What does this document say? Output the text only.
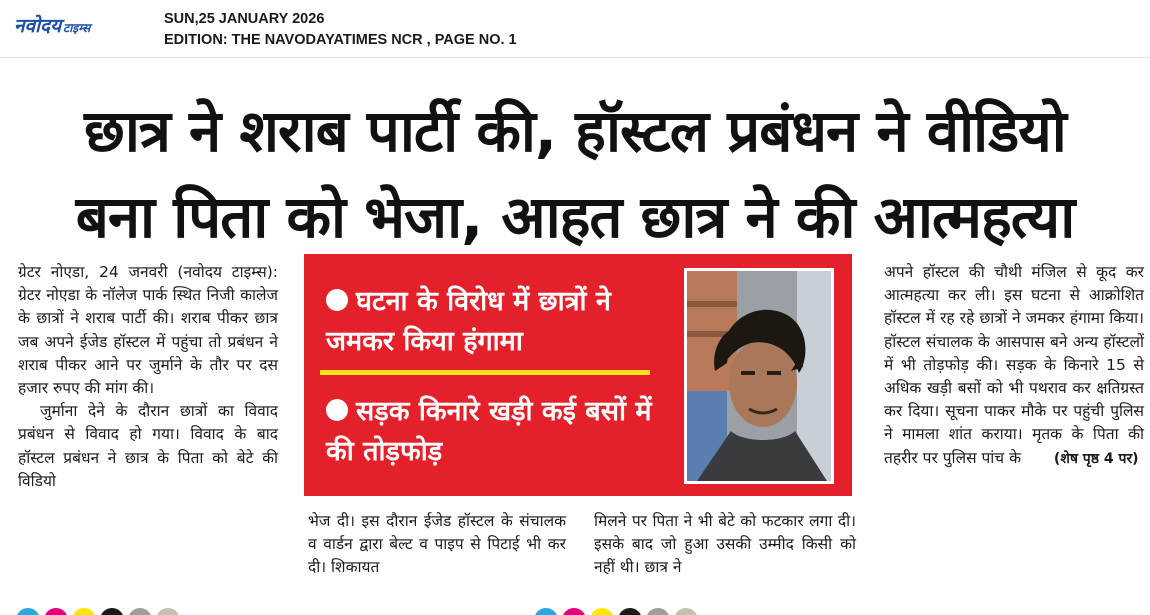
नवोदय टाइम्स
SUN,25 JANUARY 2026
EDITION: THE NAVODAYATIMES NCR , PAGE NO. 1
छात्र ने शराब पार्टी की, हॉस्टल प्रबंधन ने वीडियो
बना पिता को भेजा, आहत छात्र ने की आत्महत्या

ग्रेटर नोएडा, 24 जनवरी (नवोदय टाइम्स): ग्रेटर नोएडा के नॉलेज पार्क स्थित निजी कालेज के छात्रों ने शराब पार्टी की। शराब पीकर छात्र जब अपने ईजेड हॉस्टल में पहुंचा तो प्रबंधन ने शराब पीकर आने पर जुर्माने के तौर पर दस हजार रुपए की मांग की।

जुर्माना देने के दौरान छात्रों का विवाद प्रबंधन से विवाद हो गया। विवाद के बाद हॉस्टल प्रबंधन ने छात्र के पिता को बेटे की विडियो

घटना के विरोध में छात्रों ने जमकर किया हंगामा
सड़क किनारे खड़ी कई बसों में की तोड़फोड़
भेज दी। इस दौरान ईजेड हॉस्टल के संचालक व वार्डन द्वारा बेल्ट व पाइप से पिटाई भी कर दी। शिकायत
मिलने पर पिता ने भी बेटे को फटकार लगा दी। इसके बाद जो हुआ उसकी उम्मीद किसी को नहीं थी। छात्र ने
अपने हॉस्टल की चौथी मंजिल से कूद कर आत्महत्या कर ली। इस घटना से आक्रोशित हॉस्टल में रह रहे छात्रों ने जमकर हंगामा किया। हॉस्टल संचालक के आसपास बने अन्य हॉस्टलों में भी तोड़फोड़ की। सड़क के किनारे 15 से अधिक खड़ी बसों को भी पथराव कर क्षतिग्रस्त कर दिया। सूचना पाकर मौके पर पहुंची पुलिस ने मामला शांत कराया। मृतक के पिता की तहरीर पर पुलिस पांच के (शेष पृष्ठ 4 पर)
